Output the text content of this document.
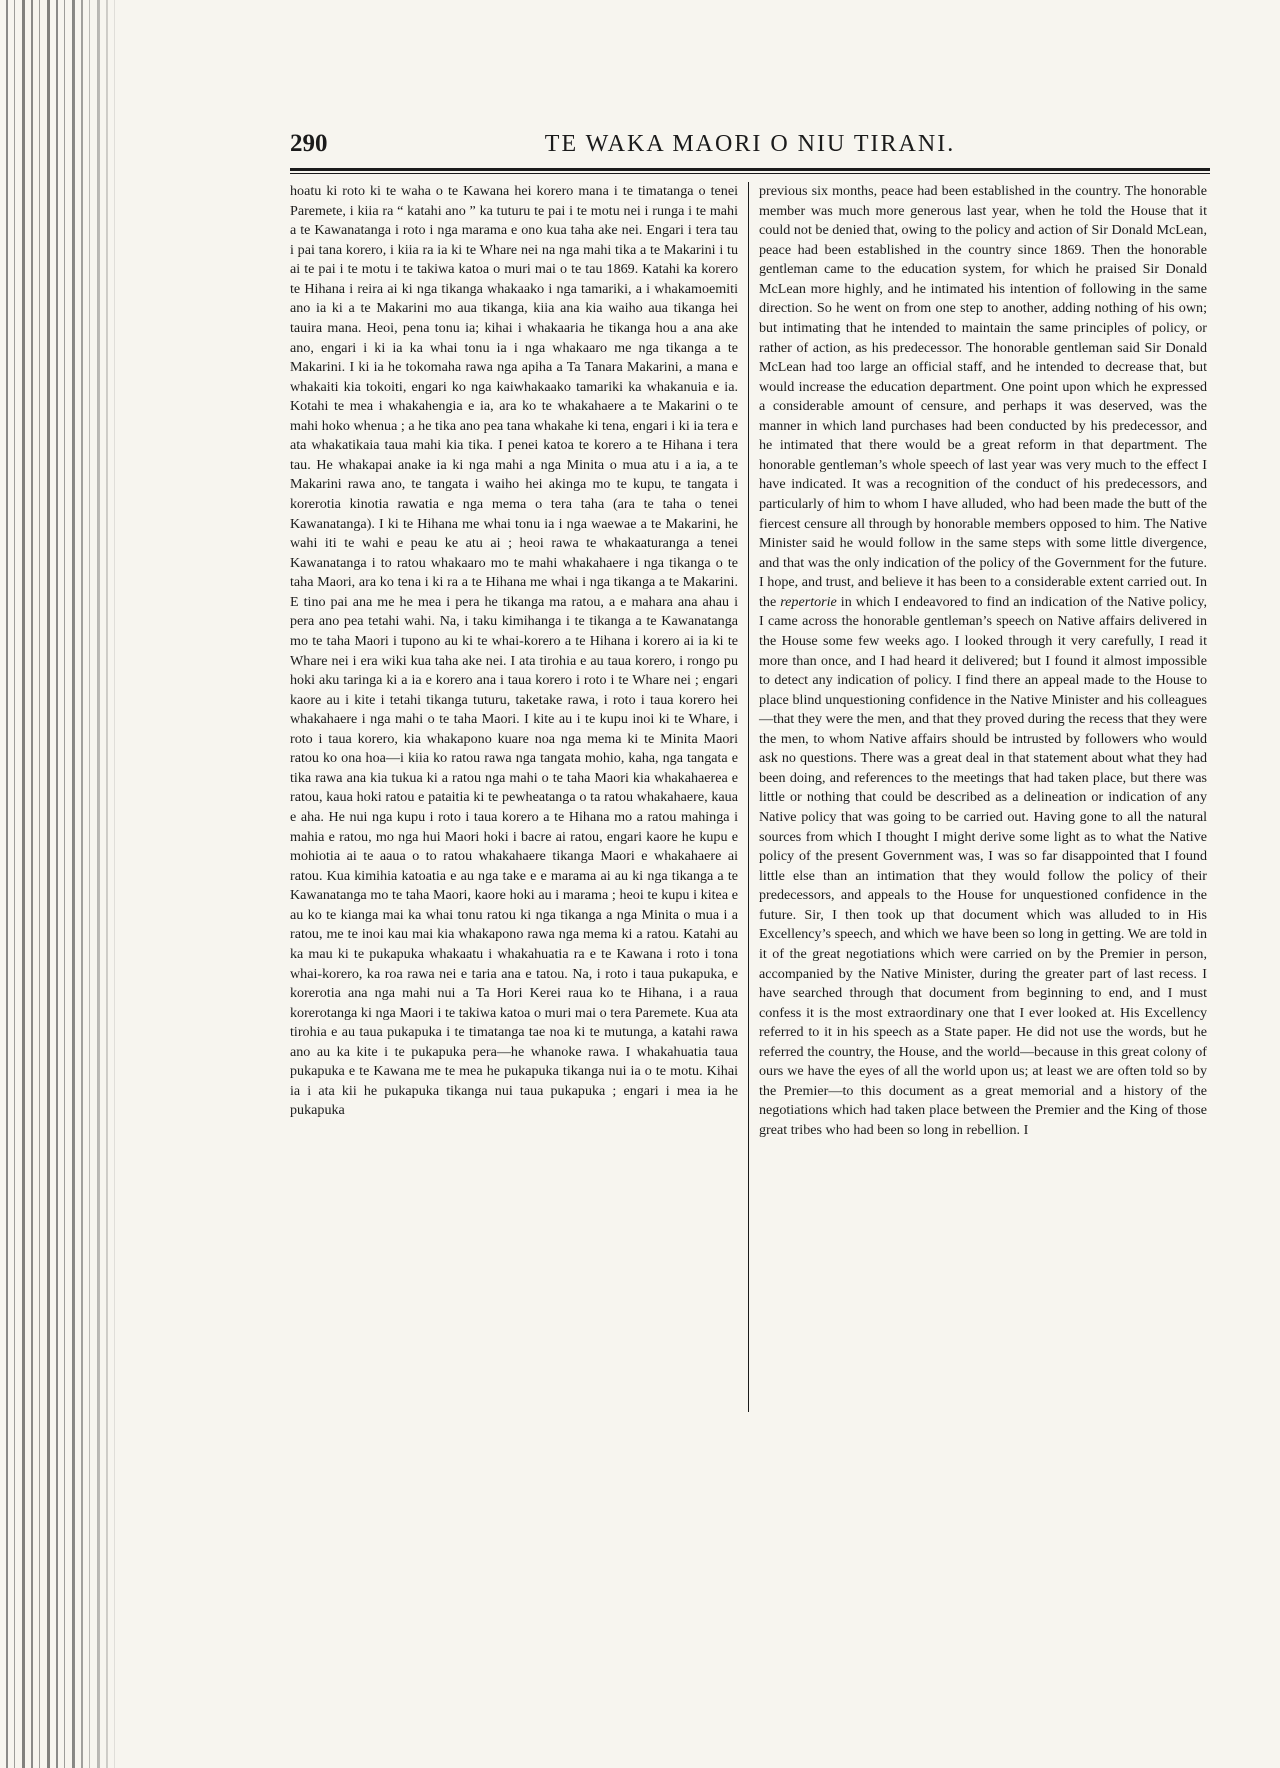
290	TE WAKA MAORI O NIU TIRANI.

hoatu ki roto ki te waha o te Kawana hei korero mana i te timatanga o tenei Paremete, i kiia ra “ katahi ano ” ka tuturu te pai i te motu nei i runga i te mahi a te Kawanatanga i roto i nga marama e ono kua taha ake nei. Engari i tera tau i pai tana korero, i kiia ra ia ki te Whare nei na nga mahi tika a te Makarini i tu ai te pai i te motu i te takiwa katoa o muri mai o te tau 1869. Katahi ka korero te Hihana i reira ai ki nga tikanga whakaako i nga tamariki, a i whakamoemiti ano ia ki a te Makarini mo aua tikanga, kiia ana kia waiho aua tikanga hei tauira mana. Heoi, pena tonu ia; kihai i whakaaria he tikanga hou a ana ake ano, engari i ki ia ka whai tonu ia i nga whakaaro me nga tikanga a te Makarini. I ki ia he tokomaha rawa nga apiha a Ta Tanara Makarini, a mana e whakaiti kia tokoiti, engari ko nga kaiwhakaako tamariki ka whakanuia e ia. Kotahi te mea i whakahengia e ia, ara ko te whakahaere a te Makarini o te mahi hoko whenua ; a he tika ano pea tana whakahe ki tena, engari i ki ia tera e ata whakatikaia taua mahi kia tika. I penei katoa te korero a te Hihana i tera tau. He whakapai anake ia ki nga mahi a nga Minita o mua atu i a ia, a te Makarini rawa ano, te tangata i waiho hei akinga mo te kupu, te tangata i korerotia kinotia rawatia e nga mema o tera taha (ara te taha o tenei Kawanatanga). I ki te Hihana me whai tonu ia i nga waewae a te Makarini, he wahi iti te wahi e peau ke atu ai ; heoi rawa te whakaaturanga a tenei Kawanatanga i to ratou whakaaro mo te mahi whakahaere i nga tikanga o te taha Maori, ara ko tena i ki ra a te Hihana me whai i nga tikanga a te Makarini. E tino pai ana me he mea i pera he tikanga ma ratou, a e mahara ana ahau i pera ano pea tetahi wahi. Na, i taku kimihanga i te tikanga a te Kawanatanga mo te taha Maori i tupono au ki te whai-korero a te Hihana i korero ai ia ki te Whare nei i era wiki kua taha ake nei. I ata tirohia e au taua korero, i rongo pu hoki aku taringa ki a ia e korero ana i taua korero i roto i te Whare nei ; engari kaore au i kite i tetahi tikanga tuturu, taketake rawa, i roto i taua korero hei whakahaere i nga mahi o te taha Maori. I kite au i te kupu inoi ki te Whare, i roto i taua korero, kia whakapono kuare noa nga mema ki te Minita Maori ratou ko ona hoa—i kiia ko ratou rawa nga tangata mohio, kaha, nga tangata e tika rawa ana kia tukua ki a ratou nga mahi o te taha Maori kia whakahaerea e ratou, kaua hoki ratou e pataitia ki te pewheatanga o ta ratou whakahaere, kaua e aha. He nui nga kupu i roto i taua korero a te Hihana mo a ratou mahinga i mahia e ratou, mo nga hui Maori hoki i bacre ai ratou, engari kaore he kupu e mohiotia ai te aaua o to ratou whakahaere tikanga Maori e whakahaere ai ratou. Kua kimihia katoatia e au nga take e e marama ai au ki nga tikanga a te Kawanatanga mo te taha Maori, kaore hoki au i marama ; heoi te kupu i kitea e au ko te kianga mai ka whai tonu ratou ki nga tikanga a nga Minita o mua i a ratou, me te inoi kau mai kia whakapono rawa nga mema ki a ratou. Katahi au ka mau ki te pukapuka whakaatu i whakahuatia ra e te Kawana i roto i tona whai-korero, ka roa rawa nei e taria ana e tatou. Na, i roto i taua pukapuka, e korerotia ana nga mahi nui a Ta Hori Kerei raua ko te Hihana, i a raua korerotanga ki nga Maori i te takiwa katoa o muri mai o tera Paremete. Kua ata tirohia e au taua pukapuka i te timatanga tae noa ki te mutunga, a katahi rawa ano au ka kite i te pukapuka pera—he whanoke rawa. I whakahuatia taua pukapuka e te Kawana me te mea he pukapuka tikanga nui ia o te motu. Kihai ia i ata kii he pukapuka tikanga nui taua pukapuka ; engari i mea ia he pukapuka

previous six months, peace had been established in the country. The honorable member was much more generous last year, when he told the House that it could not be denied that, owing to the policy and action of Sir Donald McLean, peace had been established in the country since 1869. Then the honorable gentleman came to the education system, for which he praised Sir Donald McLean more highly, and he intimated his intention of following in the same direction. So he went on from one step to another, adding nothing of his own; but intimating that he intended to maintain the same principles of policy, or rather of action, as his predecessor. The honorable gentleman said Sir Donald McLean had too large an official staff, and he intended to decrease that, but would increase the education department. One point upon which he expressed a considerable amount of censure, and perhaps it was deserved, was the manner in which land purchases had been conducted by his predecessor, and he intimated that there would be a great reform in that department. The honorable gentleman’s whole speech of last year was very much to the effect I have indicated. It was a recognition of the conduct of his predecessors, and particularly of him to whom I have alluded, who had been made the butt of the fiercest censure all through by honorable members opposed to him. The Native Minister said he would follow in the same steps with some little divergence, and that was the only indication of the policy of the Government for the future. I hope, and trust, and believe it has been to a considerable extent carried out. In the repertorie in which I endeavored to find an indication of the Native policy, I came across the honorable gentleman’s speech on Native affairs delivered in the House some few weeks ago. I looked through it very carefully, I read it more than once, and I had heard it delivered; but I found it almost impossible to detect any indication of policy. I find there an appeal made to the House to place blind unquestioning confidence in the Native Minister and his colleagues—that they were the men, and that they proved during the recess that they were the men, to whom Native affairs should be intrusted by followers who would ask no questions. There was a great deal in that statement about what they had been doing, and references to the meetings that had taken place, but there was little or nothing that could be described as a delineation or indication of any Native policy that was going to be carried out. Having gone to all the natural sources from which I thought I might derive some light as to what the Native policy of the present Government was, I was so far disappointed that I found little else than an intimation that they would follow the policy of their predecessors, and appeals to the House for unquestioned confidence in the future. Sir, I then took up that document which was alluded to in His Excellency’s speech, and which we have been so long in getting. We are told in it of the great negotiations which were carried on by the Premier in person, accompanied by the Native Minister, during the greater part of last recess. I have searched through that document from beginning to end, and I must confess it is the most extraordinary one that I ever looked at. His Excellency referred to it in his speech as a State paper. He did not use the words, but he referred the country, the House, and the world—because in this great colony of ours we have the eyes of all the world upon us; at least we are often told so by the Premier—to this document as a great memorial and a history of the negotiations which had taken place between the Premier and the King of those great tribes who had been so long in rebellion. I
